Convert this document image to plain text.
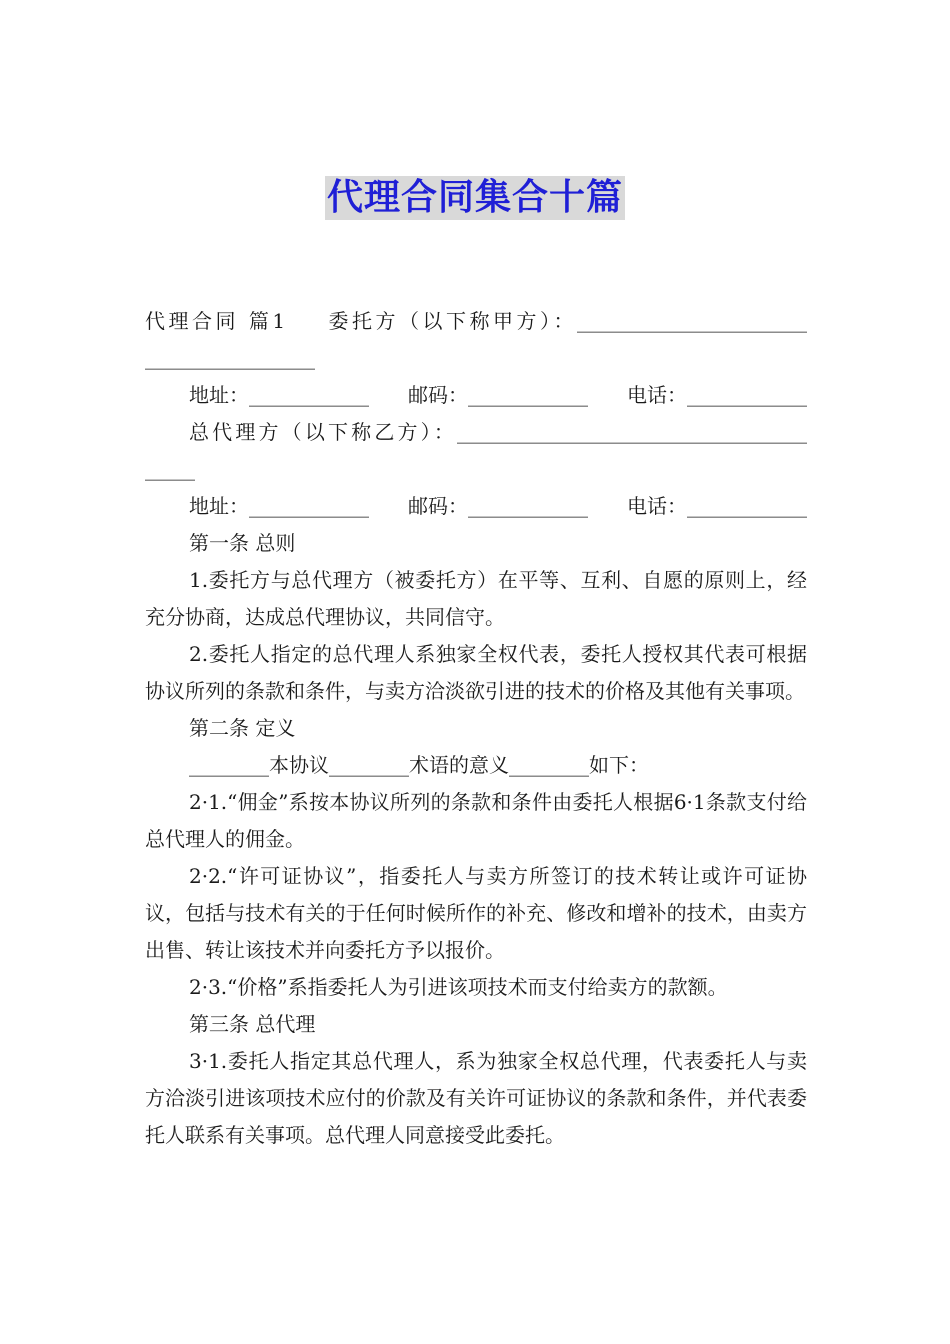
代理合同集合十篇

代理合同 篇1 委托方（以下称甲方）：________________________________________

地址：____________ 邮码：____________ 电话：____________

总代理方（以下称乙方）：________________________________________

地址：____________ 邮码：____________ 电话：____________

第一条 总则

1.委托方与总代理方（被委托方）在平等、互利、自愿的原则上，经充分协商，达成总代理协议，共同信守。

2.委托人指定的总代理人系独家全权代表，委托人授权其代表可根据协议所列的条款和条件，与卖方洽淡欲引进的技术的价格及其他有关事项。

第二条 定义

________本协议________术语的意义________如下：

2·1.“佣金”系按本协议所列的条款和条件由委托人根据6·1条款支付给总代理人的佣金。

2·2.“许可证协议”，指委托人与卖方所签订的技术转让或许可证协议，包括与技术有关的于任何时候所作的补充、修改和增补的技术，由卖方出售、转让该技术并向委托方予以报价。

2·3.“价格”系指委托人为引进该项技术而支付给卖方的款额。

第三条 总代理

3·1.委托人指定其总代理人，系为独家全权总代理，代表委托人与卖方洽淡引进该项技术应付的价款及有关许可证协议的条款和条件，并代表委托人联系有关事项。总代理人同意接受此委托。
